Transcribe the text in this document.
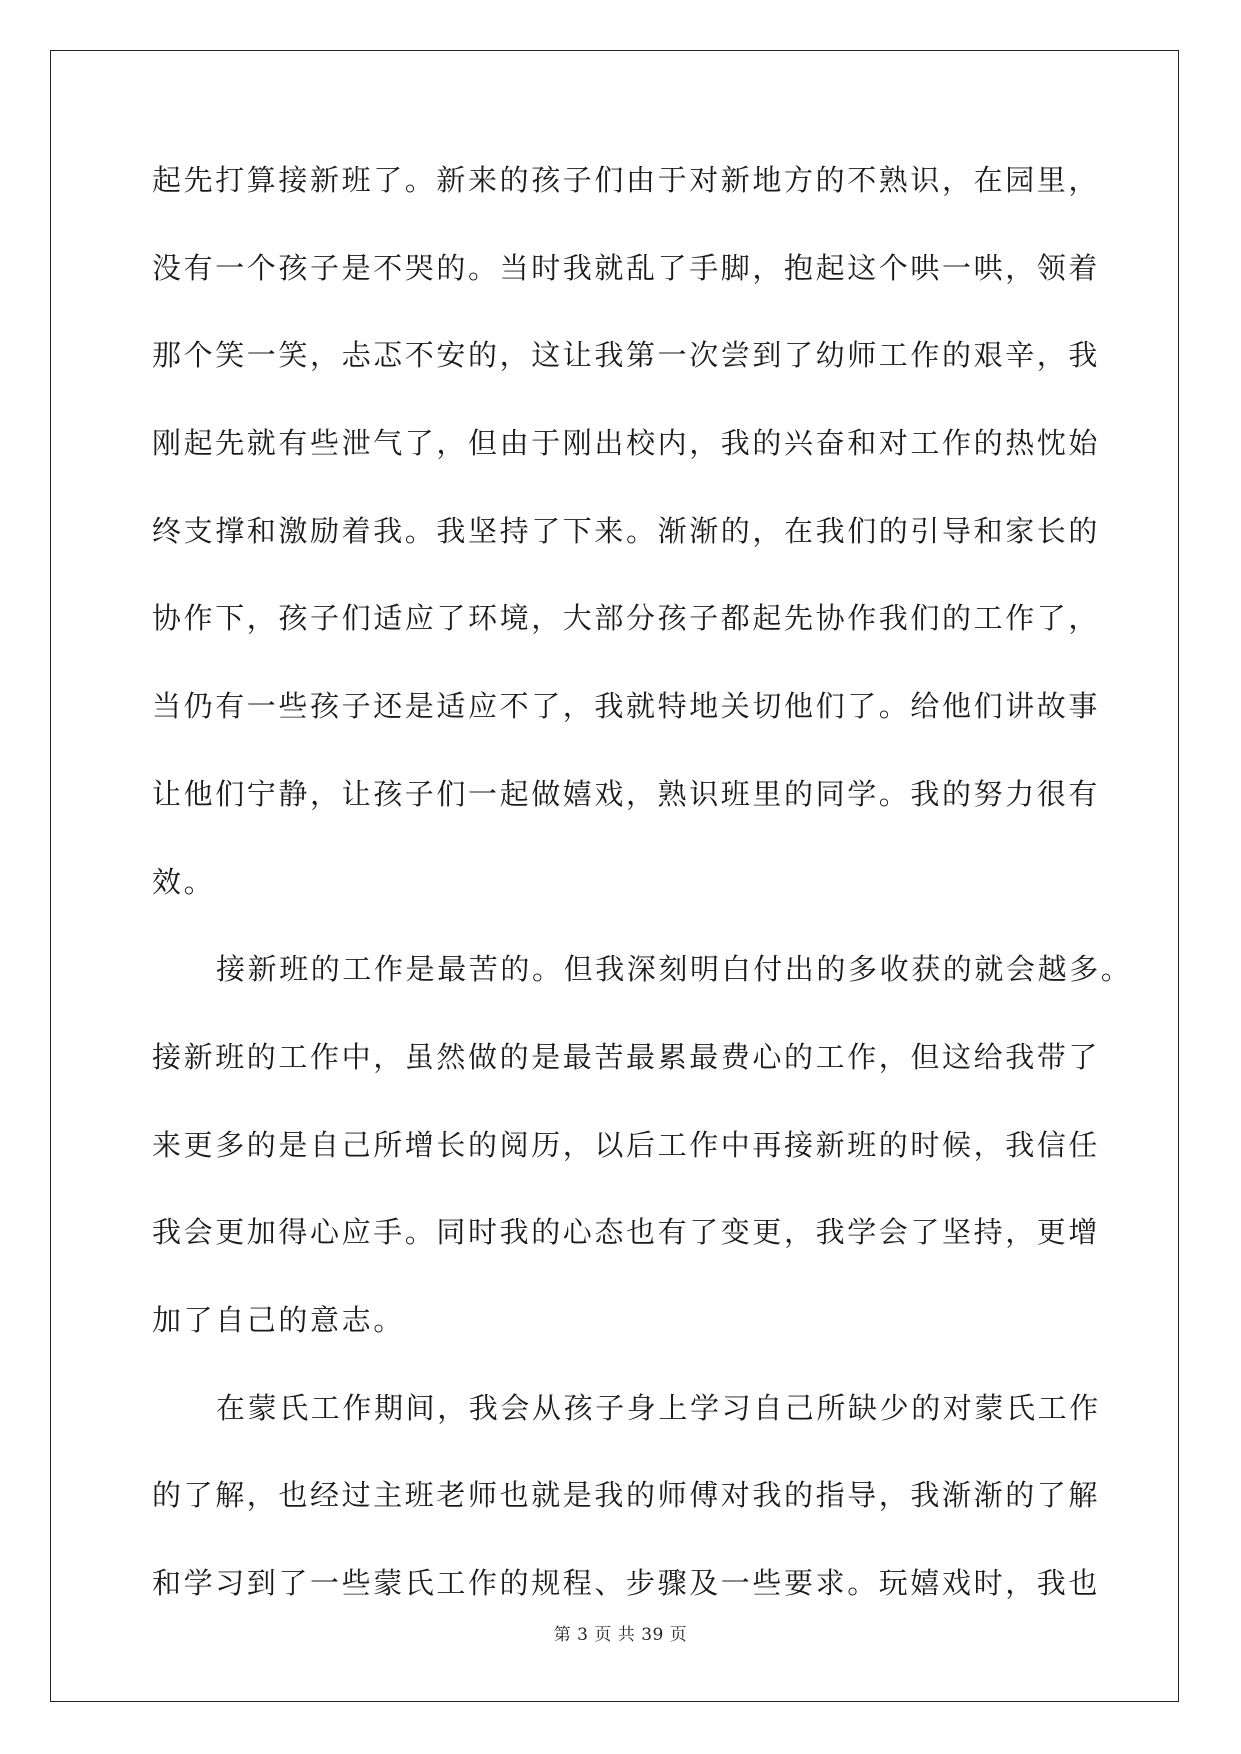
起先打算接新班了。新来的孩子们由于对新地方的不熟识，在园里，
没有一个孩子是不哭的。当时我就乱了手脚，抱起这个哄一哄，领着
那个笑一笑，忐忑不安的，这让我第一次尝到了幼师工作的艰辛，我
刚起先就有些泄气了，但由于刚出校内，我的兴奋和对工作的热忱始
终支撑和激励着我。我坚持了下来。渐渐的，在我们的引导和家长的
协作下，孩子们适应了环境，大部分孩子都起先协作我们的工作了，
当仍有一些孩子还是适应不了，我就特地关切他们了。给他们讲故事
让他们宁静，让孩子们一起做嬉戏，熟识班里的同学。我的努力很有
效。
接新班的工作是最苦的。但我深刻明白付出的多收获的就会越多。
接新班的工作中，虽然做的是最苦最累最费心的工作，但这给我带了
来更多的是自己所增长的阅历，以后工作中再接新班的时候，我信任
我会更加得心应手。同时我的心态也有了变更，我学会了坚持，更增
加了自己的意志。
在蒙氏工作期间，我会从孩子身上学习自己所缺少的对蒙氏工作
的了解，也经过主班老师也就是我的师傅对我的指导，我渐渐的了解
和学习到了一些蒙氏工作的规程、步骤及一些要求。玩嬉戏时，我也
第 3 页 共 39 页
